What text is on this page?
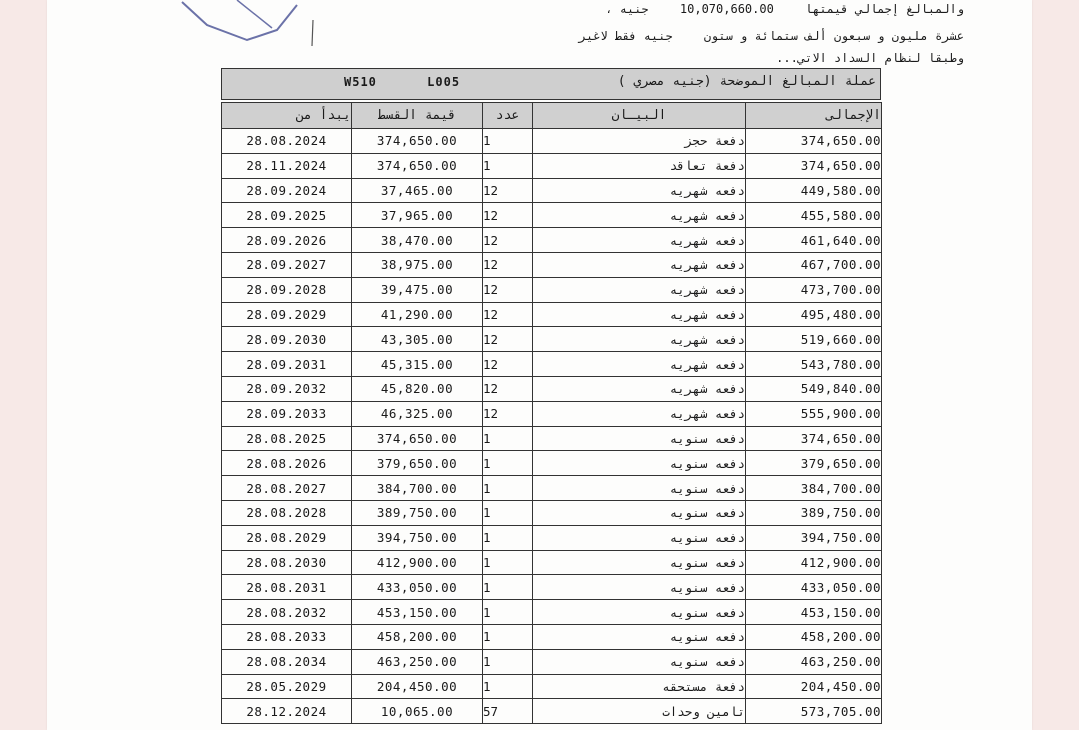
والمبالغ إجمالي قيمتها 10,070,660.00 جنيه ،
عشرة مليون و سبعون ألف ستمائة و ستون جنيه فقط لاغير
وطبقا لنظام السداد الاتي...
W510	L005	عملة المبالغ الموضحة (جنيه مصري )
يبدأ من	قيمة القسط	عدد	البيـان	الإجمالى
28.08.2024	374,650.00	1	دفعة حجز	374,650.00
28.11.2024	374,650.00	1	دفعة تعاقد	374,650.00
28.09.2024	37,465.00	12	دفعه شهريه	449,580.00
28.09.2025	37,965.00	12	دفعه شهريه	455,580.00
28.09.2026	38,470.00	12	دفعه شهريه	461,640.00
28.09.2027	38,975.00	12	دفعه شهريه	467,700.00
28.09.2028	39,475.00	12	دفعه شهريه	473,700.00
28.09.2029	41,290.00	12	دفعه شهريه	495,480.00
28.09.2030	43,305.00	12	دفعه شهريه	519,660.00
28.09.2031	45,315.00	12	دفعه شهريه	543,780.00
28.09.2032	45,820.00	12	دفعه شهريه	549,840.00
28.09.2033	46,325.00	12	دفعه شهريه	555,900.00
28.08.2025	374,650.00	1	دفعه سنويه	374,650.00
28.08.2026	379,650.00	1	دفعه سنويه	379,650.00
28.08.2027	384,700.00	1	دفعه سنويه	384,700.00
28.08.2028	389,750.00	1	دفعه سنويه	389,750.00
28.08.2029	394,750.00	1	دفعه سنويه	394,750.00
28.08.2030	412,900.00	1	دفعه سنويه	412,900.00
28.08.2031	433,050.00	1	دفعه سنويه	433,050.00
28.08.2032	453,150.00	1	دفعه سنويه	453,150.00
28.08.2033	458,200.00	1	دفعه سنويه	458,200.00
28.08.2034	463,250.00	1	دفعه سنويه	463,250.00
28.05.2029	204,450.00	1	دفعة مستحقه	204,450.00
28.12.2024	10,065.00	57	تامين وحدات	573,705.00
